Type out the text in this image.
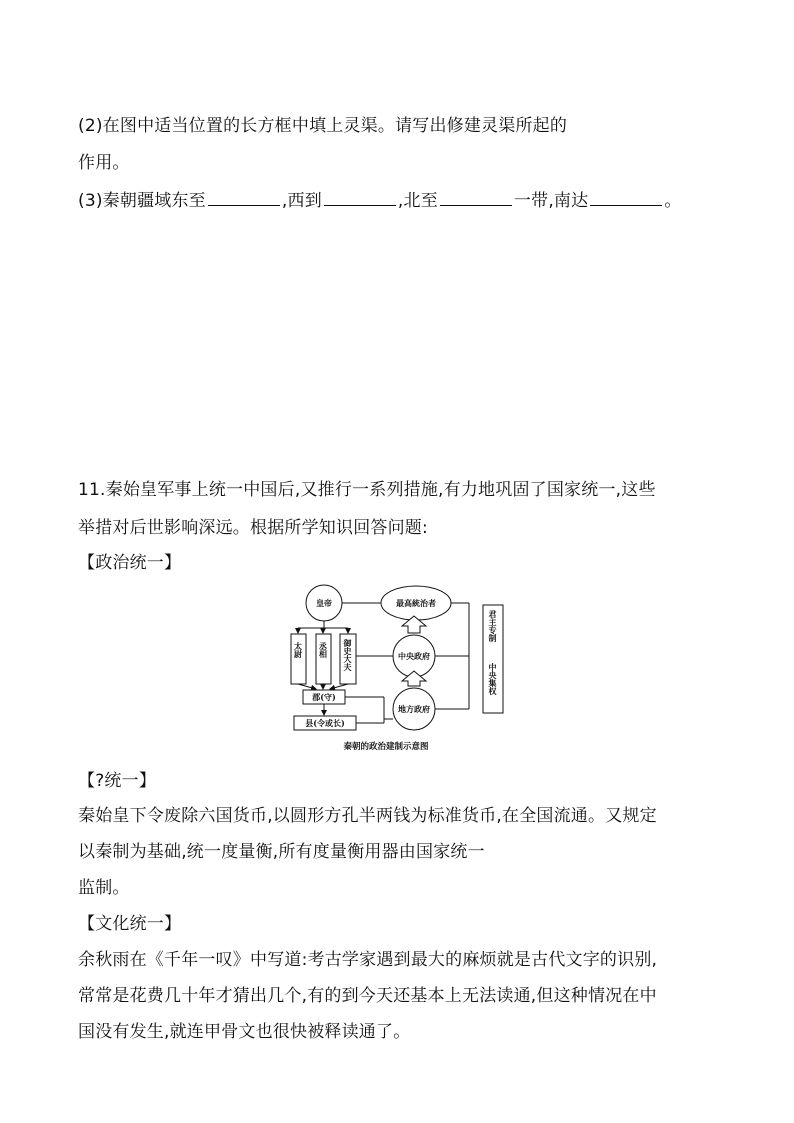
(2)在图中适当位置的长方框中填上灵渠。请写出修建灵渠所起的
作用。
(3)秦朝疆域东至	,西到	,北至	一带,南达	。
11.秦始皇军事上统一中国后,又推行一系列措施,有力地巩固了国家统一,这些
举措对后世影响深远。根据所学知识回答问题:
【政治统一】
皇帝	最高統治者
中央政府
地方政府
郡(守)
县(令或长)
太尉 丞相 御史大夫
君主专制
中央集权
秦朝的政治建制示意图
【?统一】
秦始皇下令废除六国货币,以圆形方孔半两钱为标准货币,在全国流通。又规定
以秦制为基础,统一度量衡,所有度量衡用器由国家统一
监制。
【文化统一】
余秋雨在《千年一叹》中写道:考古学家遇到最大的麻烦就是古代文字的识别,
常常是花费几十年才猜出几个,有的到今天还基本上无法读通,但这种情况在中
国没有发生,就连甲骨文也很快被释读通了。
